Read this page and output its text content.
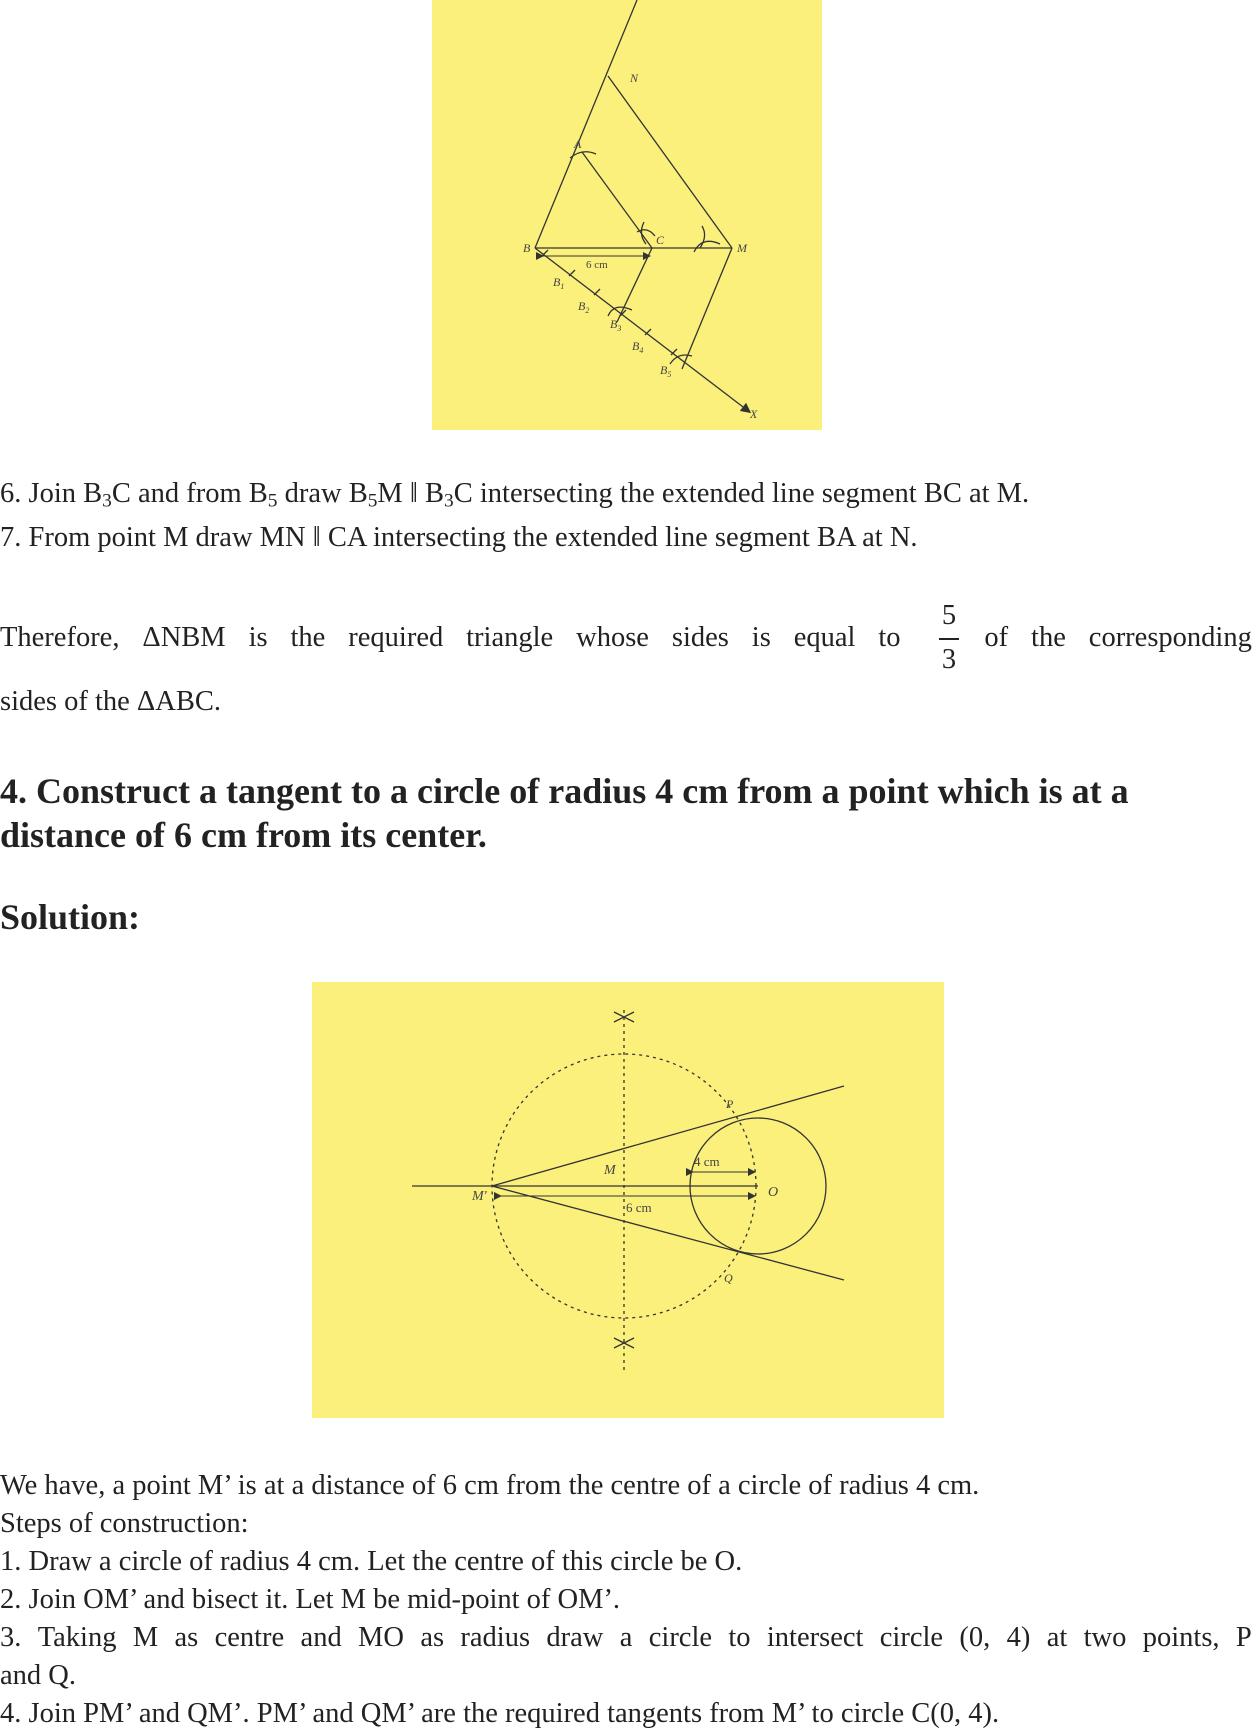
N
A
B
C
M
X
6 cm
$B_1$
$B_2$
$B_3$
$B_4$
$B_5$
6. Join $B_3C$ and from $B_5$ draw $B_5M$ ǁ $B_3C$ intersecting the extended line segment BC at M.
7. From point M draw MN ǁ CA intersecting the extended line segment BA at N.
Therefore, ΔNBM is the required triangle whose sides is equal to	of the corresponding
5
3
sides of the ΔABC.
4. Construct a tangent to a circle of radius 4 cm from a point which is at a
distance of 6 cm from its center.
Solution:
P
Q
O
M
M'
4 cm
6 cm
We have, a point M’ is at a distance of 6 cm from the centre of a circle of radius 4 cm.
Steps of construction:
1. Draw a circle of radius 4 cm. Let the centre of this circle be O.
2. Join OM’ and bisect it. Let M be mid-point of OM’.
3. Taking M as centre and MO as radius draw a circle to intersect circle (0, 4) at two points, P
and Q.
4. Join PM’ and QM’. PM’ and QM’ are the required tangents from M’ to circle C(0, 4).
